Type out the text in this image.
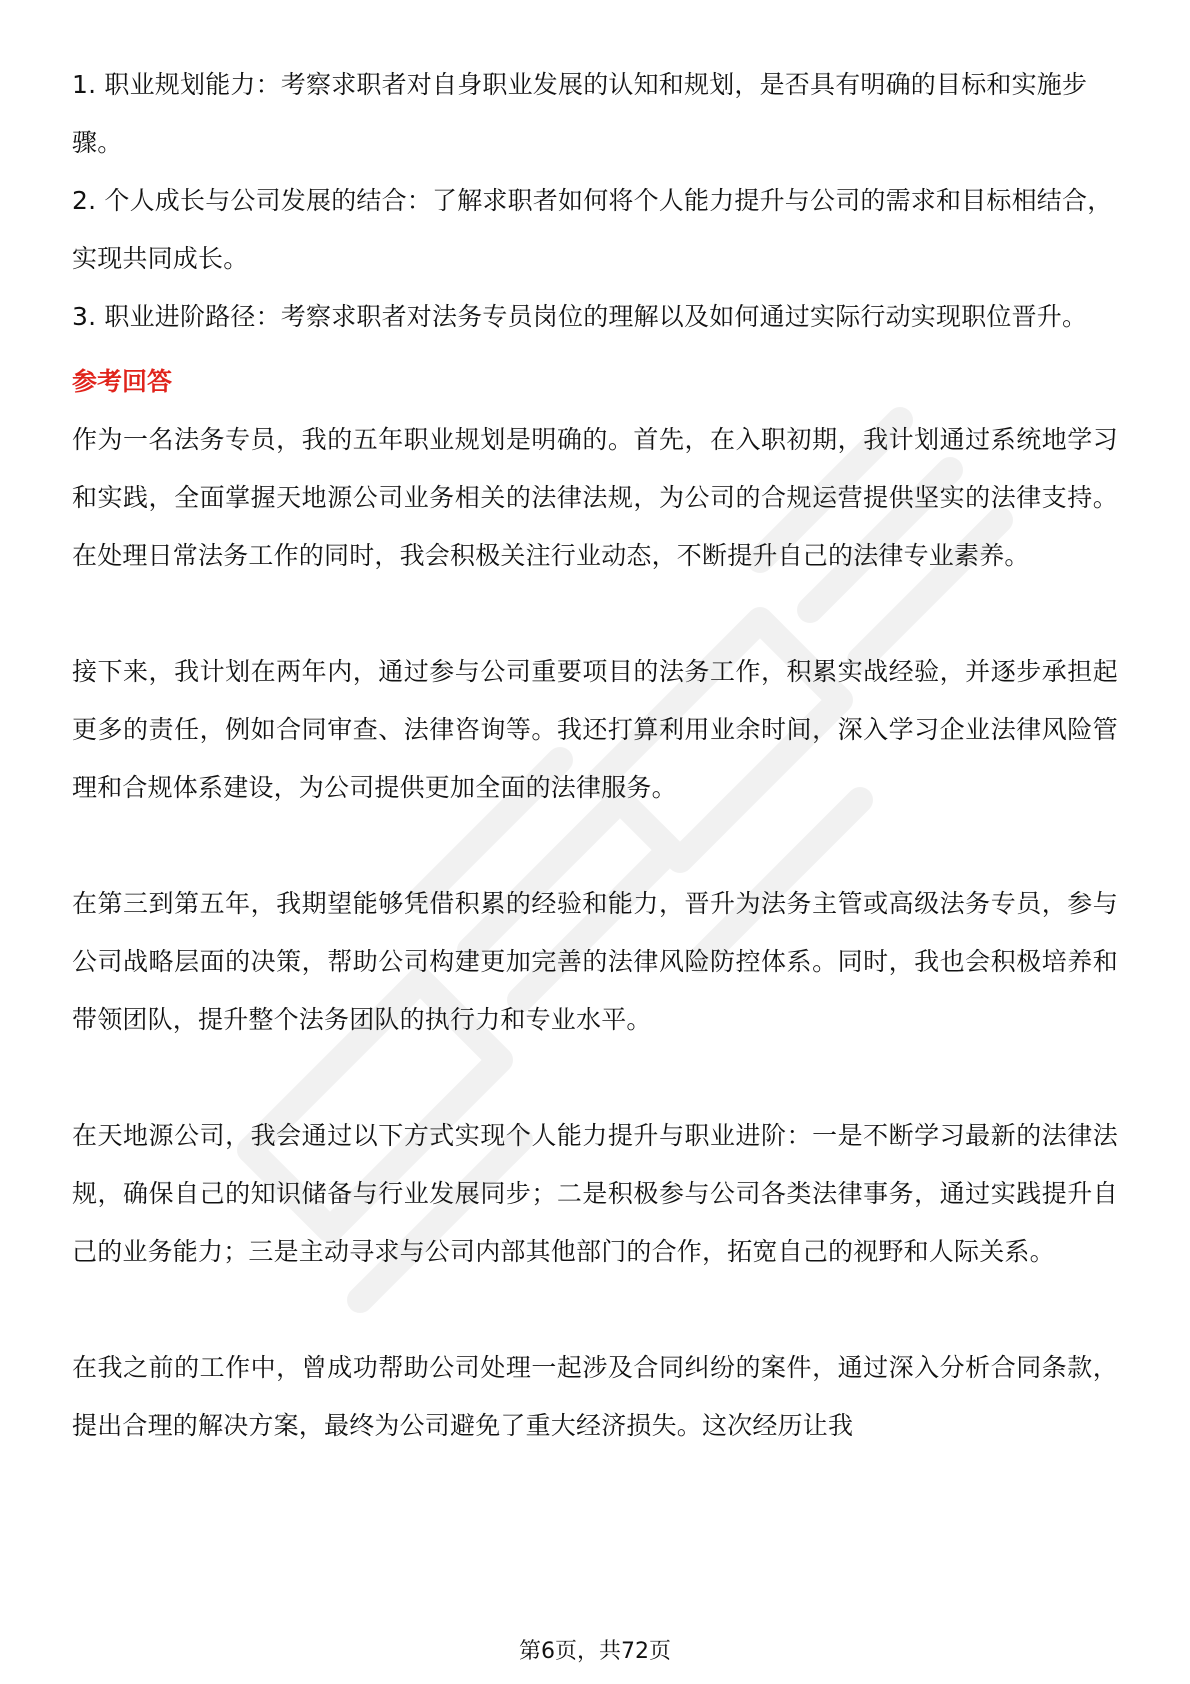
1. 职业规划能力：考察求职者对自身职业发展的认知和规划，是否具有明确的目标和实施步骤。

2. 个人成长与公司发展的结合：了解求职者如何将个人能力提升与公司的需求和目标相结合，实现共同成长。

3. 职业进阶路径：考察求职者对法务专员岗位的理解以及如何通过实际行动实现职位晋升。

参考回答

作为一名法务专员，我的五年职业规划是明确的。首先，在入职初期，我计划通过系统地学习和实践，全面掌握天地源公司业务相关的法律法规，为公司的合规运营提供坚实的法律支持。在处理日常法务工作的同时，我会积极关注行业动态，不断提升自己的法律专业素养。

接下来，我计划在两年内，通过参与公司重要项目的法务工作，积累实战经验，并逐步承担起更多的责任，例如合同审查、法律咨询等。我还打算利用业余时间，深入学习企业法律风险管理和合规体系建设，为公司提供更加全面的法律服务。

在第三到第五年，我期望能够凭借积累的经验和能力，晋升为法务主管或高级法务专员，参与公司战略层面的决策，帮助公司构建更加完善的法律风险防控体系。同时，我也会积极培养和带领团队，提升整个法务团队的执行力和专业水平。

在天地源公司，我会通过以下方式实现个人能力提升与职业进阶：一是不断学习最新的法律法规，确保自己的知识储备与行业发展同步；二是积极参与公司各类法律事务，通过实践提升自己的业务能力；三是主动寻求与公司内部其他部门的合作，拓宽自己的视野和人际关系。

在我之前的工作中，曾成功帮助公司处理一起涉及合同纠纷的案件，通过深入分析合同条款，提出合理的解决方案，最终为公司避免了重大经济损失。这次经历让我

第6页，共72页
